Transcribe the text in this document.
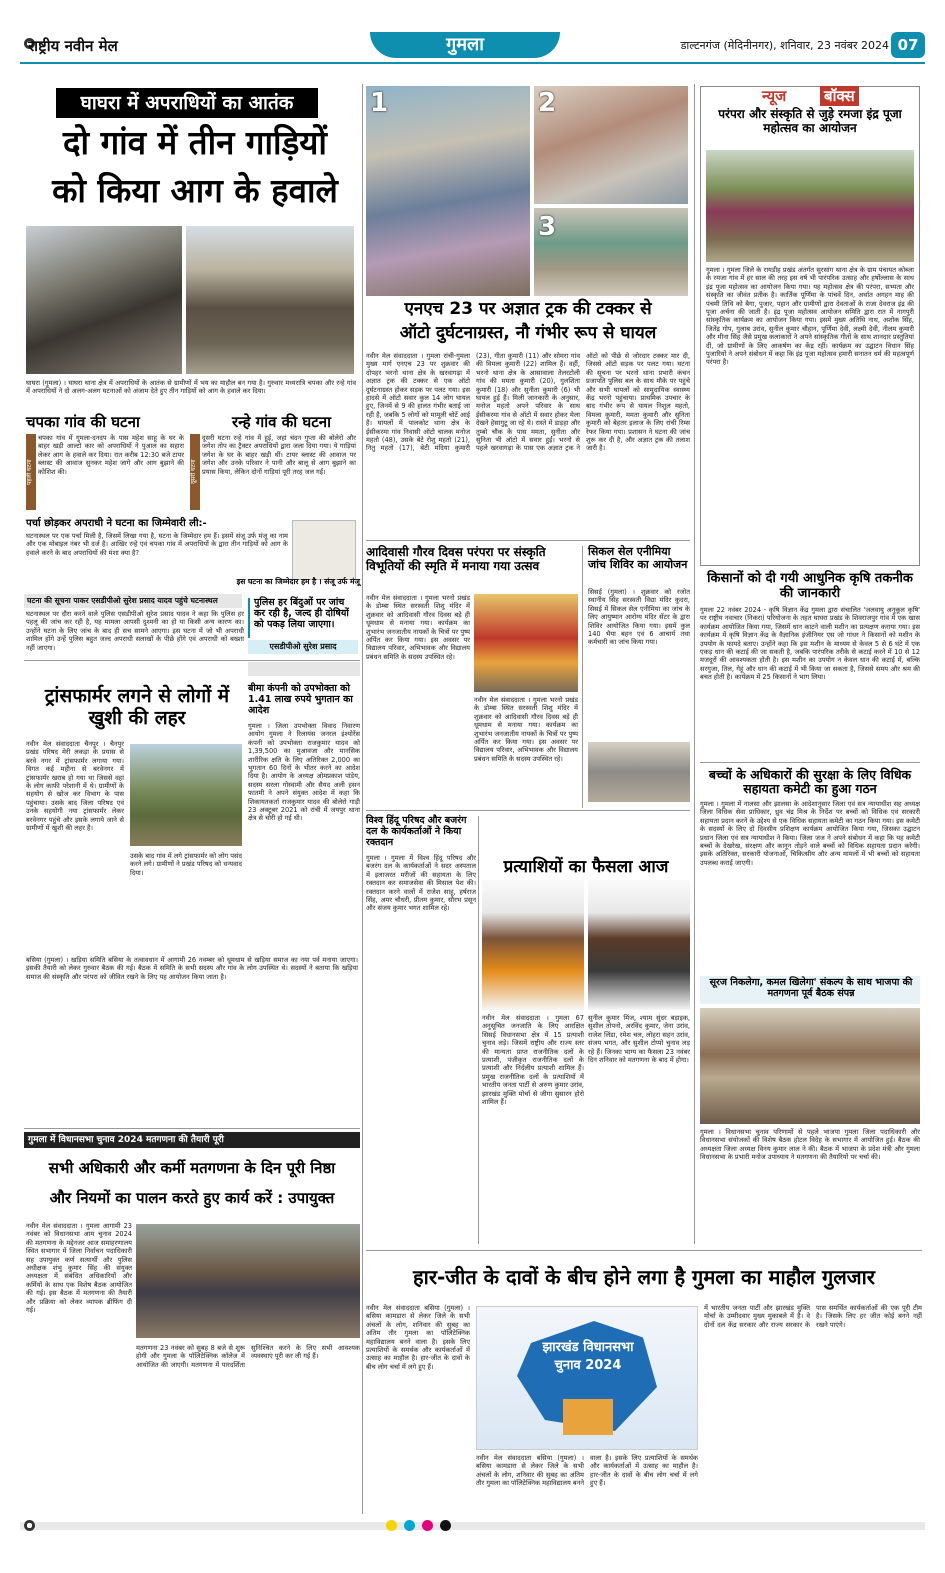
राष्ट्रीय नवीन मेल	गुमला	डाल्टनगंज (मेदिनीनगर), शनिवार, 23 नवंबर 2024 07
घाघरा में अपराधियों का आतंक
दो गांव में तीन गाड़ियों
को किया आग के हवाले
घाघरा (गुमला) । घाघरा थाना क्षेत्र में अपराधियों के आतंक से ग्रामीणों में भय का माहौल बन गया है। गुरुवार मध्यरात्रि चपका और रन्हे गांव में अपराधियों ने दो अलग-अलग घटनाओं को अंजाम देते हुए तीन गाड़ियों को आग के हवाले कर दिया।
चपका गांव की घटना
पहली घटना
चपका गांव में गुमला-दनदप के पास महेश साहू के घर के बाहर खड़ी आल्टो कार को अपराधियों ने पुआल का सहारा लेकर आग के हवाले कर दिया। रात करीब 12:30 बजे टायर ब्लास्ट की आवाज सुनकर महेश जागे और आग बुझाने की कोशिश की।
रन्हे गांव की घटना
दूसरी घटना
दूसरी घटना रन्हे गांव में हुई, जहां चंदन गुप्ता की बोलेरो और जगेश तोप का ट्रैक्टर अपराधियों द्वारा जला दिया गया। ये गाड़ियां जगेश के घर के बाहर खड़ी थीं। टायर ब्लास्ट की आवाज पर जगेश और उनके परिवार ने पानी और बालू से आग बुझाने का प्रयास किया, लेकिन दोनों गाड़ियां पूरी तरह जल गईं।
पर्चा छोड़कर अपराधी ने घटना का जिम्मेवारी ली:-
घटनास्थल पर एक पर्चा मिली है, जिसमें लिखा गया है, घटना के जिम्मेदार हम हैं। इसमें संजू उर्फ मंजू का नाम और एक मोबाइल नंबर भी दर्ज है। आखिर रन्हे एवं चपका गांव में अपराधियों के द्वारा तीन गाड़ियों को आग के हवाले करने के बाद अपराधियों की मंशा क्या है?
इस घटना का जिम्मेदार हम है । संजू उर्फ मंजू
घटना की सूचना पाकर एसडीपीओ सुरेश प्रसाद यादव पहुंचे घटनास्थल
घटनास्थल पर दौरा करने वाले पुलिस एसडीपीओ सुरेश प्रसाद यादव ने कहा कि पुलिस हर पहलू की जांच कर रही है, यह मामला आपसी दुश्मनी का हो या किसी अन्य कारण का। उन्होंने घटना के लिए जांच के बाद ही सच सामने आएगा। इस घटना में जो भी अपराधी शामिल होंगे उन्हें पुलिस बहुत जल्द अपराधी सलाखों के पीछे होंगे एवं अपराधी को बख्शा नहीं जाएगा।
पुलिस हर बिंदुओं पर जांच कर रही है, जल्द ही दोषियों को पकड़ लिया जाएगा।
एसडीपीओ सुरेश प्रसाद
ट्रांसफार्मर लगने से लोगों में खुशी की लहर
नवीन मेल संवाददाता चैनपुर । चैनपुर प्रखंड परिषद मेरी लकड़ा के प्रयास से बरवे नगर में ट्रांसफार्मर लगाया गया। विगत कई महीना से बरवेनगर में ट्रांसफार्मर खराब हो गया था जिससे वहां के लोग काफी परेशानी में थे। ग्रामीणों के सहयोग से खोज कर विभाग के पास पहुंचाया। उसके बाद जिला परिषद एवं उनके सहयोगी नया ट्रांसफार्मर लेकर बरवेनगर पहुंचे और इसके लगाये जाने से ग्रामीणों में खुशी की लहर है।
उसके बाद गांव में लगे ट्रांसफार्मर को लोग पसंद करने लगे। ग्रामीणों ने प्रखंड परिषद को धन्यवाद दिया।
बसिया (गुमला) । खड़िया समिति बसिया के तत्वावधान में आगामी 26 नवम्बर को धूमधाम से खड़िया समाज का नया पर्व मनाया जाएगा। इसकी तैयारी को लेकर गुरुवार बैठक की गई। बैठक में समिति के सभी सदस्य और गांव के लोग उपस्थित थे। सदस्यों ने बताया कि खड़िया समाज की संस्कृति और परंपरा को जीवित रखने के लिए यह आयोजन किया जाता है।
बीमा कंपनी को उपभोक्ता को 1.41 लाख रुपये भुगतान का आदेश
गुमला । जिला उपभोक्ता विवाद निवारण आयोग गुमला ने रिलायंस जनरल इंश्योरेंस कंपनी को उपभोक्ता राजकुमार यादव को 1,39,500 का मुआवजा और मानसिक शारीरिक क्षति के लिए अतिरिक्त 2,000 का भुगतान 60 दिनों के भीतर करने का आदेश दिया है। आयोग के अध्यक्ष ओमप्रकाश पांडेय, सदस्य सरला गोस्वामी और सैयद अली हसन फातमी ने अपने संयुक्त आदेश में कहा कि शिकायतकर्ता राजकुमार यादव की बोलेरो गाड़ी 23 अक्टूबर 2021 को रांची में जयपुर थाना क्षेत्र से चोरी हो गई थी।
गुमला में विधानसभा चुनाव 2024 मतगणना की तैयारी पूरी
सभी अधिकारी और कर्मी मतगणना के दिन पूरी निष्ठा
और नियमों का पालन करते हुए कार्य करें : उपायुक्त
नवीन मेल संवाददाता । गुमला आगामी 23 नवंबर को विधानसभा आम चुनाव 2024 की मतगणना के मद्देनजर आज समाहरणालय स्थित सभागार में जिला निर्वाचन पदाधिकारी सह उपायुक्त कर्ण सत्यार्थी और पुलिस अधीक्षक शंभु कुमार सिंह की संयुक्त अध्यक्षता में संबंधित अधिकारियों और कर्मियों के साथ एक विशेष बैठक आयोजित की गई। इस बैठक में मतगणना की तैयारी और प्रक्रिया को लेकर व्यापक ब्रीफिंग दी गई।
मतगणना 23 नवंबर को सुबह 8 बजे से शुरू होगी और गुमला के पॉलिटेक्निक कॉलेज में आयोजित की जाएगी। मतगणना में पारदर्शिता सुनिश्चित करने के लिए सभी आवश्यक व्यवस्थाएं पूरी कर ली गई हैं।
1	2
3
एनएच 23 पर अज्ञात ट्रक की टक्कर से
ऑटो दुर्घटनाग्रस्त, नौ गंभीर रूप से घायल
नवीन मेल संवाददाता । गुमला रांची-गुमला मुख्य मार्ग एनएच 23 पर शुक्रवार की दोपहर भरनो थाना क्षेत्र के खरवागढ़ा में अज्ञात ट्रक की टक्कर से एक ऑटो दुर्घटनाग्रस्त होकर सड़क पर पलट गया। इस हादसे में ऑटो सवार कुल 14 लोग घायल हुए, जिनमें से 9 की हालत गंभीर बताई जा रही है, जबकि 5 लोगों को मामूली चोटें आई हैं। घायलों में पालकोट थाना क्षेत्र के ईसीकरमा गांव निवासी ऑटो चालक मनोज महतो (48), उसके बेटे रोशु महतो (21), नितु महतो (17), बेटी मंदिया कुमारी (23), गीता कुमारी (11) और सोमरा गांव की विमला कुमारी (22) शामिल हैं। वहीं, भरनो थाना क्षेत्र के आसावाला तेलरटोली गांव की ममता कुमारी (20), गुलशिता कुमारी (18) और सुनीता कुमारी (6) भी घायल हुई हैं। मिली जानकारी के अनुसार, मनोज महतो अपने परिवार के साथ ईसीकरमा गांव से ऑटो में सवार होकर मेला देखने हेसागुटू जा रहे थे। रास्ते में डाड़हा और तुम्बो चौक के पास ममता, सुनीता और सुनिता भी ऑटो में सवार हुईं। भरनो से पहले खरवागढ़ा के पास एक अज्ञात ट्रक ने ऑटो को पीछे से जोरदार टक्कर मार दी, जिससे ऑटो सड़क पर पलट गया। घटना की सूचना पर भरनो थाना प्रभारी कंचन प्रजापति पुलिस बल के साथ मौके पर पहुंचे और सभी घायलों को सामुदायिक स्वास्थ्य केंद्र भरनो पहुंचाया। प्राथमिक उपचार के बाद गंभीर रूप से घायल निशुल महतो, विमला कुमारी, ममता कुमारी और सुनिता कुमारी को बेहतर इलाज के लिए रांची रिम्स रेफर किया गया। प्रशासन ने घटना की जांच शुरू कर दी है, और अज्ञात ट्रक की तलाश जारी है।
आदिवासी गौरव दिवस परंपरा पर संस्कृति विभूतियों की स्मृति में मनाया गया उत्सव
नवीन मेल संवाददाता । गुमला भरनो प्रखंड के डोम्बा स्थित सरस्वती शिशु मंदिर में शुक्रवार को आदिवासी गौरव दिवस बड़े ही धूमधाम से मनाया गया। कार्यक्रम का शुभारंभ जनजातीय नायकों के चित्रों पर पुष्प अर्पित कर किया गया। इस अवसर पर विद्यालय परिवार, अभिभावक और विद्यालय प्रबंधन समिति के सदस्य उपस्थित रहे।
नवीन मेल संवाददाता । गुमला भरनो प्रखंड के डोम्बा स्थित सरस्वती शिशु मंदिर में शुक्रवार को आदिवासी गौरव दिवस बड़े ही धूमधाम से मनाया गया। कार्यक्रम का शुभारंभ जनजातीय नायकों के चित्रों पर पुष्प अर्पित कर किया गया। इस अवसर पर विद्यालय परिवार, अभिभावक और विद्यालय प्रबंधन समिति के सदस्य उपस्थित रहे।
सिकल सेल एनीमिया जांच शिविर का आयोजन
सिसई (गुमला) । शुक्रवार को रजोत स्थानीय सिंह सरस्वती विद्या मंदिर कुदरा, सिसई में सिकल सेल एनीमिया का जांच के लिए आयुष्मान आरोग्य मंदिर सेंटर के द्वारा शिविर आयोजित किया गया। इसमें कुल 140 भैया बहन एवं 6 आचार्य तथा कर्मचारी का जांच किया गया।
विश्व हिंदू परिषद और बजरंग दल के कार्यकर्ताओं ने किया रक्तदान
गुमला । गुमला में विश्व हिंदू परिषद और बजरंग दल के कार्यकर्ताओं ने सदर अस्पताल में इलाजरत मरीजों की सहायता के लिए रक्तदान कर समाजसेवा की मिसाल पेश की। रक्तदान करने वालों में राजेश साहू, हर्षराज सिंह, अमर चौधरी, प्रीतम कुमार, सौरभ प्रसून और संजय कुमार भगत शामिल रहे।
प्रत्याशियों का फैसला आज
नवीन मेल संवाददाता । गुमला 67 अनुसूचित जनजाति के लिए आरक्षित सिसई विधानसभा क्षेत्र में 15 प्रत्याशी चुनाव लड़े। जिसमें राष्ट्रीय और राज्य स्तर की मान्यता प्राप्त राजनीतिक दलों के प्रत्याशी, पंजीकृत राजनीतिक दलों के प्रत्याशी और निर्दलीय प्रत्याशी शामिल हैं। प्रमुख राजनीतिक दलों के प्रत्याशियों में भारतीय जनता पार्टी से अरुण कुमार उरांव, झारखंड मुक्ति मोर्चा से जीगा सुसारन होरो शामिल हैं।
सुनील कुमार मिंज, श्याम सुंदर बड़ाइक, सुशील तोपनो, अरविंद कुमार, जेना उरांव, राजेश लिंडा, रमेश चल, लोहरा सहन उरांव, संजय भगत, और सुशील टोप्पो चुनाव लड़ रहे हैं। जिनका भाग्य का फैसला 23 नवंबर दिन शनिवार को मतगणना के बाद में होगा।
न्यूज	बॉक्स
परंपरा और संस्कृति से जुड़े रमजा इंद्र पूजा महोत्सव का आयोजन
गुमला । गुमला जिले के रायडीह प्रखंड अंतर्गत सुरसांग थाना क्षेत्र के ग्राम पंचायत कोब्जा के रमजा गांव में हर साल की तरह इस वर्ष भी पारंपरिक उत्साह और हर्षोल्लास के साथ इंद्र पूजा महोत्सव का आयोजन किया गया। यह महोत्सव क्षेत्र की परंपरा, सभ्यता और संस्कृति का जीवंत प्रतीक है। कार्तिक पूर्णिमा के पांचवें दिन, अर्थात अगहन माह की पंचमी तिथि को बैगा, पुजार, पहान और ग्रामीणों द्वारा देवताओं के राजा देवराज इंद्र की पूजा अर्चना की जाती है। इंद्र पूजा महोत्सव आयोजन समिति द्वारा रात में नागपुरी सांस्कृतिक कार्यक्रम का आयोजन किया गया। इसमें मुख्य अतिथि नाथ, अशोक सिंह, जितेंद्र गोप, गुलाब उरांव, सुनील कुमार चौहान, पूर्णिमा देवी, लक्ष्मी देवी, नीलम कुमारी और मीना सिंह जैसे प्रमुख कलाकारों ने अपने सांस्कृतिक गीतों के साथ शानदार प्रस्तुतियां दीं, जो ग्रामीणों के लिए आकर्षण का केंद्र रहीं। कार्यक्रम का उद्घाटन विधान सिंह पुजारियों ने अपने संबोधन में कहा कि इंद्र पूजा महोत्सव हमारी सनातन धर्म की महत्वपूर्ण परंपरा है।
किसानों को दी गयी आधुनिक कृषि तकनीक की जानकारी
गुमला 22 नवंबर 2024 - कृषि विज्ञान केंद्र गुमला द्वारा संचालित 'जलवायु अनुकूल कृषि' पर राष्ट्रीय नवाचार (निकरा) परियोजना के तहत घाघरा प्रखंड के शिवराजपुर गांव में एक खास कार्यक्रम आयोजित किया गया, जिसमें धान काटने वाली मशीन का प्रत्यक्षण कराया गया। इस कार्यक्रम में कृषि विज्ञान केंद्र के वैज्ञानिक इंजीनियर एस जो गांधर ने किसानों को मशीन के उपयोग के फायदे बताए। उन्होंने कहा कि इस मशीन के माध्यम से केवल 5 से 6 घंटे में एक एकड़ धान की कटाई की जा सकती है, जबकि पारंपरिक तरीके से कटाई करने में 10 से 12 मजदूरों की आवश्यकता होती है। इस मशीन का उपयोग न केवल धान की कटाई में, बल्कि सरगुजा, तिल, गेहूं और धान की कटाई में भी किया जा सकता है, जिससे समय और श्रम की बचत होती है। कार्यक्रम में 25 किसानों ने भाग लिया।
बच्चों के अधिकारों की सुरक्षा के लिए विधिक सहायता कमेटी का हुआ गठन
गुमला । गुमला में नालसा और झालसा के आदेशानुसार जिला एवं सत्र न्यायाधीश सह अध्यक्ष जिला विधिक सेवा प्राधिकार, ध्रुव चंद्र मिश्र के निर्देश पर बच्चों को विधिक एवं सरकारी सहायता प्रदान करने के उद्देश्य से एक विधिक सहायता कमेटी का गठन किया गया। इस कमेटी के सदस्यों के लिए दो दिवसीय प्रशिक्षण कार्यक्रम आयोजित किया गया, जिसका उद्घाटन प्रधान जिला एवं सत्र न्यायाधीश ने किया। जिला जज ने अपने संबोधन में कहा कि यह कमेटी बच्चों के देखरेख, संरक्षण और कानून तोड़ने वाले बच्चों को विधिक सहायता प्रदान करेगी। इसके अतिरिक्त, सरकारी योजनाओं, चिकित्सीय और अन्य मामलों में भी बच्चों को सहायता उपलब्ध कराई जाएगी।
सूरज निकलेगा, कमल खिलेगा' संकल्प के साथ भाजपा की मतगणना पूर्व बैठक संपन्न
गुमला । विधानसभा चुनाव परिणामों से पहले भाजपा गुमला जिला पदाधिकारी और विधानसभा संयोजकों की विशेष बैठक होटल विदेह के सभागार में आयोजित हुई। बैठक की अध्यक्षता जिला अध्यक्ष विनय कुमार लाल ने की। बैठक में भाजपा के प्रदेश मंत्री और गुमला विधानसभा के प्रभारी मनोज उपाध्याय ने मतगणना की तैयारियों पर चर्चा की।
हार-जीत के दावों के बीच होने लगा है गुमला का माहौल गुलजार
नवीन मेल संवाददाता बसिया (गुमला) । बसिया कामडारा से लेकर जिले के सभी अंचलों के लोग, शनिवार की सुबह का अंतिम तौर गुमला का पॉलिटेक्निक महाविद्यालय बनने वाला है। इसके लिए प्रत्याशियों के समर्थक और कार्यकर्ताओं में उत्साह का माहौल है। हार-जीत के दावों के बीच लोग चर्चा में लगे हुए हैं।
झारखंड विधानसभा
चुनाव 2024
नवीन मेल संवाददाता बसिया (गुमला) । बसिया कामडारा से लेकर जिले के सभी अंचलों के लोग, शनिवार की सुबह का अंतिम तौर गुमला का पॉलिटेक्निक महाविद्यालय बनने वाला है। इसके लिए प्रत्याशियों के समर्थक और कार्यकर्ताओं में उत्साह का माहौल है। हार-जीत के दावों के बीच लोग चर्चा में लगे हुए हैं।
में भारतीय जनता पार्टी और झारखंड मुक्ति मोर्चा के उम्मीदवार मुख्य मुकाबले में है। वे दोनों दल केंद्र सरकार और राज्य सरकार के पास समर्थित कार्यकर्ताओं की एक पूरी टीम है। जिसके लिए हर जीत कोई बनने नहीं रखने पाएंगे।
